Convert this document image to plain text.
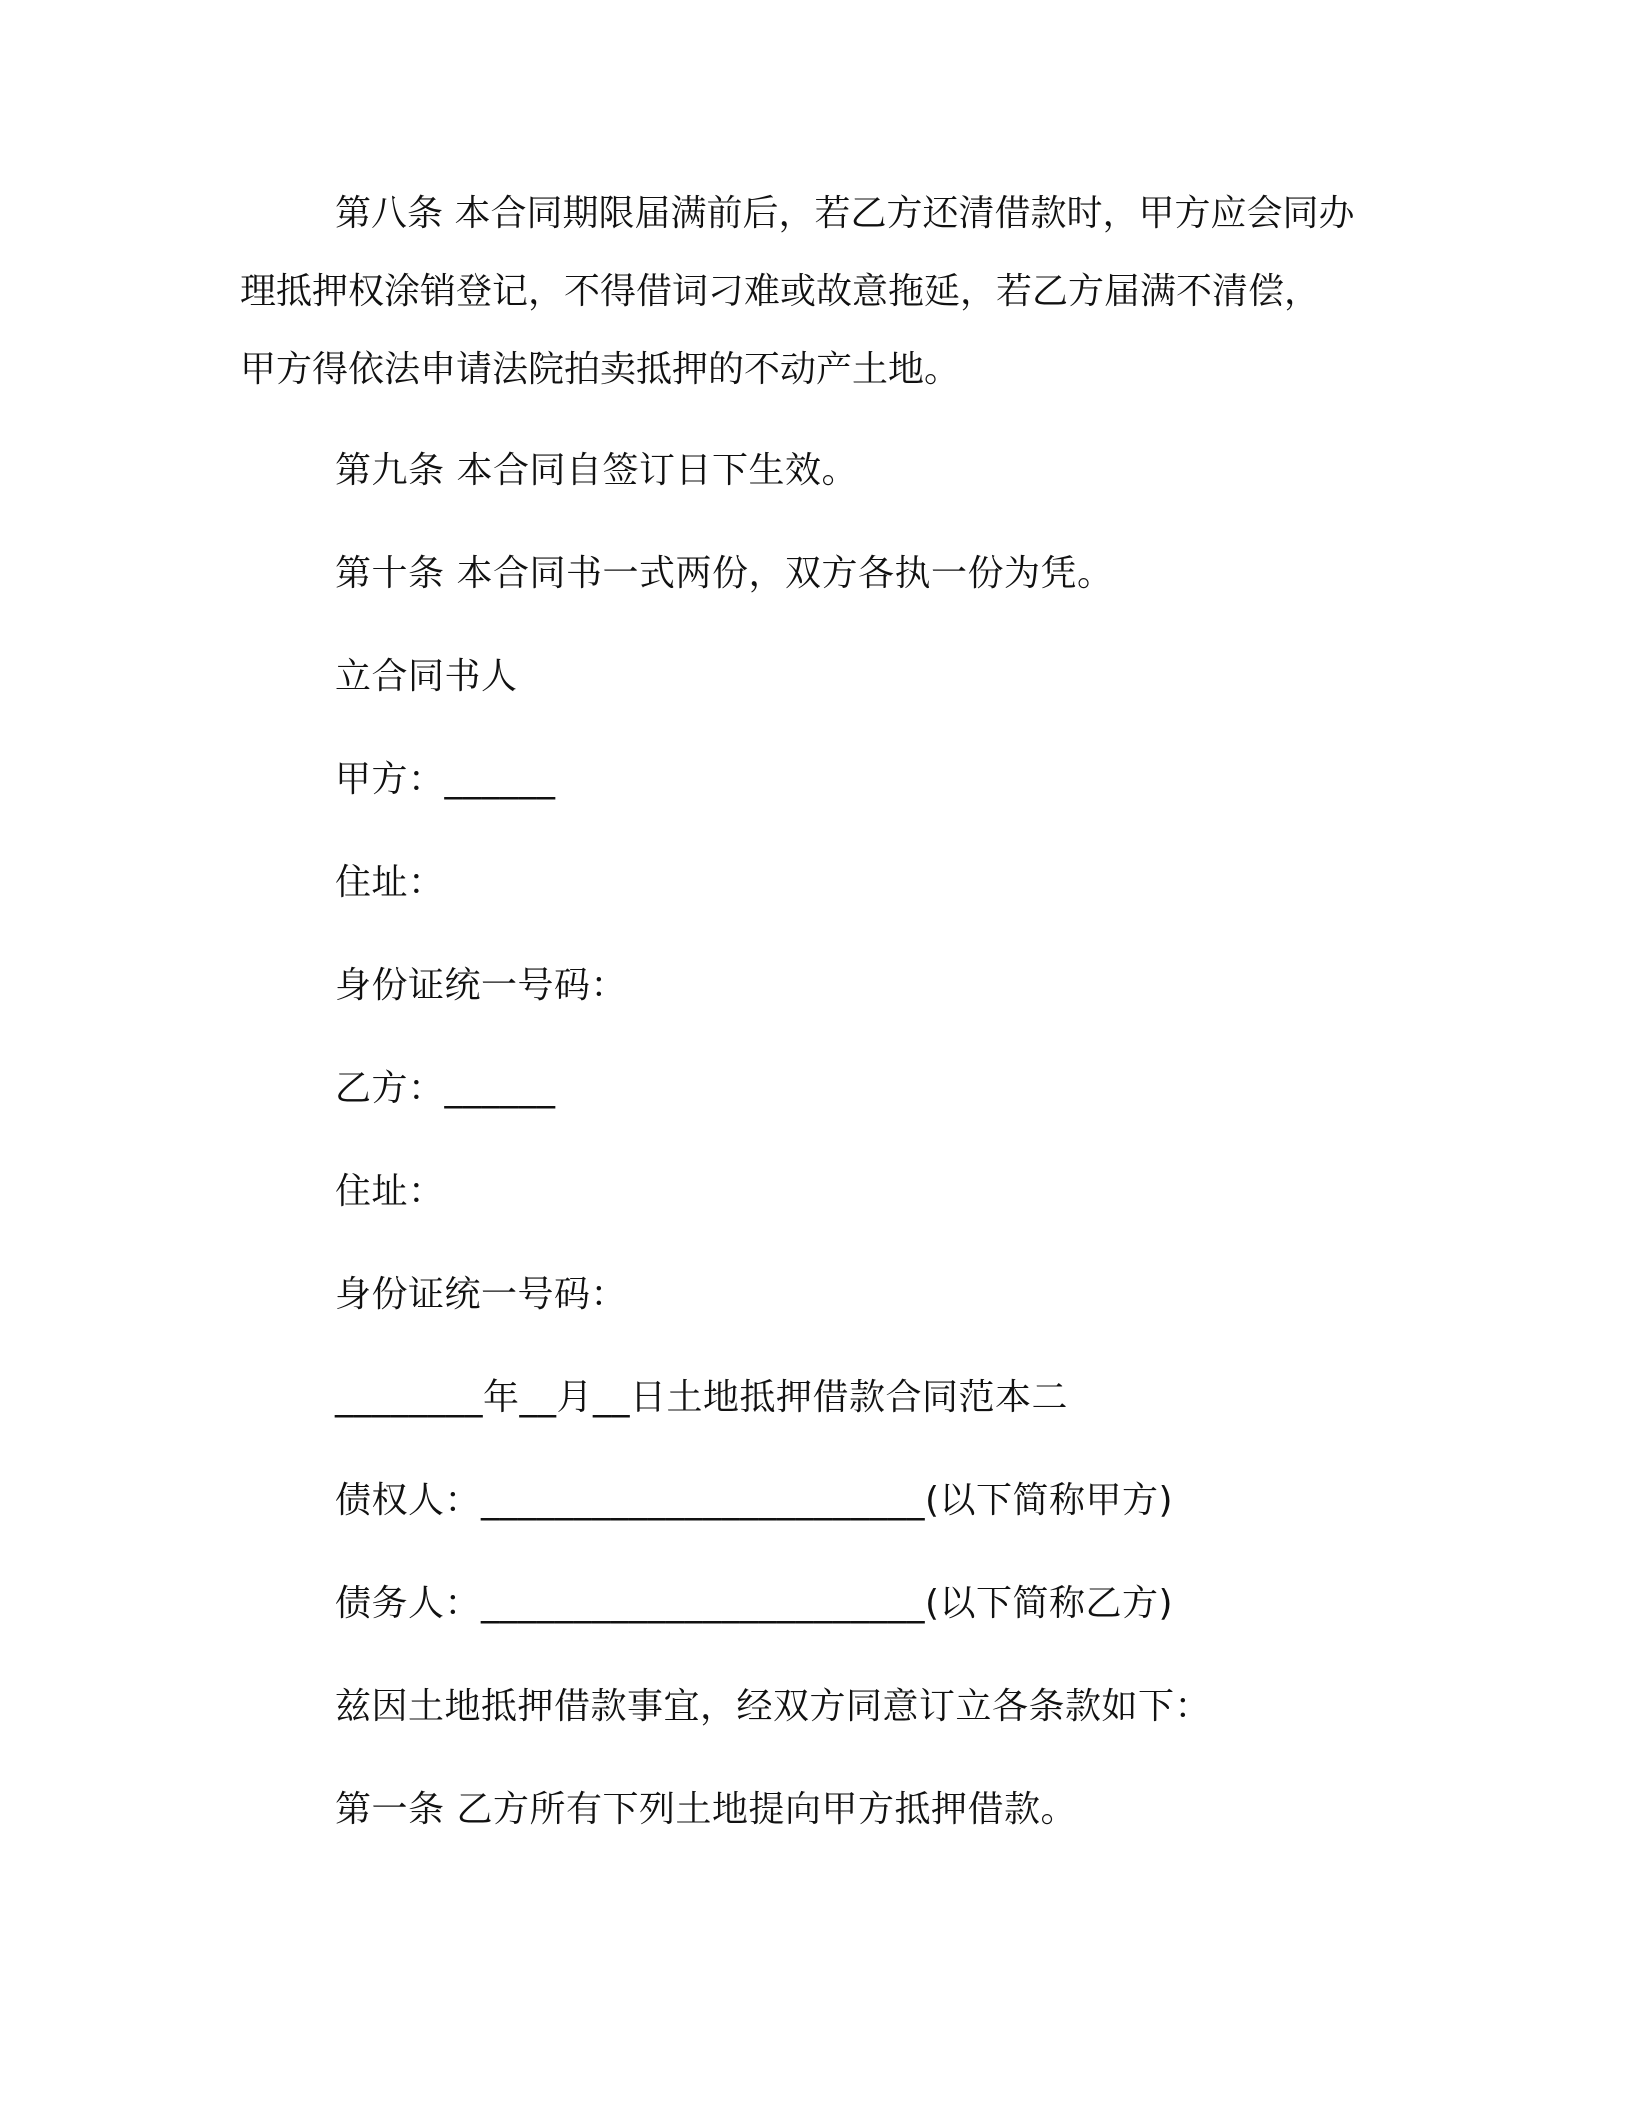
第八条 本合同期限届满前后，若乙方还清借款时，甲方应会同办
理抵押权涂销登记，不得借词刁难或故意拖延，若乙方届满不清偿，
甲方得依法申请法院拍卖抵押的不动产土地。

第九条 本合同自签订日下生效。

第十条 本合同书一式两份，双方各执一份为凭。

立合同书人

甲方：______

住址：

身份证统一号码：

乙方：______

住址：

身份证统一号码：

________年__月__日土地抵押借款合同范本二

债权人：________________________(以下简称甲方)

债务人：________________________(以下简称乙方)

兹因土地抵押借款事宜，经双方同意订立各条款如下：

第一条 乙方所有下列土地提向甲方抵押借款。
